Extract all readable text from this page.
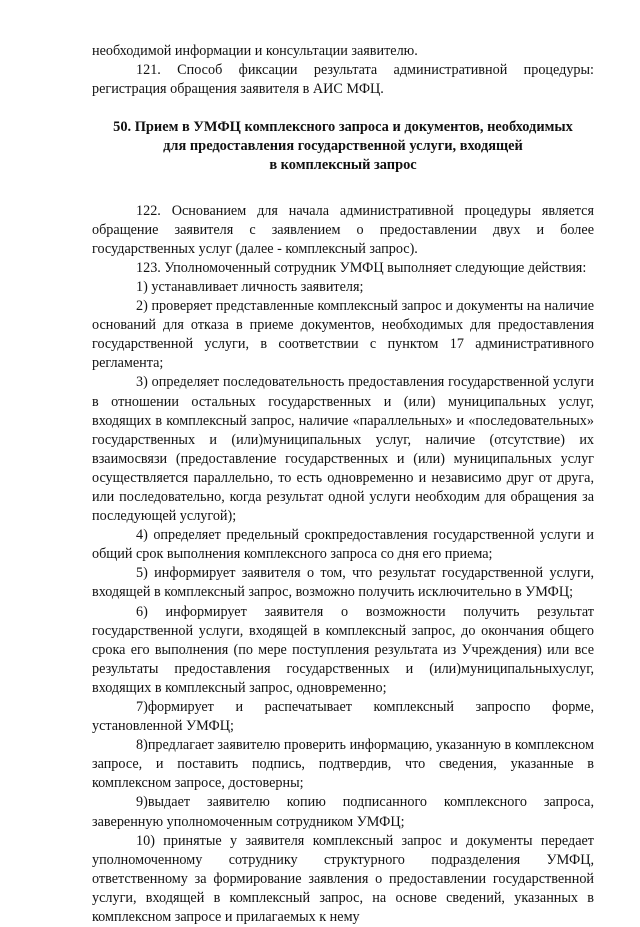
необходимой информации и консультации заявителю.

121. Способ фиксации результата административной процедуры: регистрация обращения заявителя в АИС МФЦ.

50. Прием в УМФЦ комплексного запроса и документов, необходимых
для предоставления государственной услуги, входящей
в комплексный запрос

122. Основанием для начала административной процедуры является обращение заявителя с заявлением о предоставлении двух и более государственных услуг (далее - комплексный запрос).

123. Уполномоченный сотрудник УМФЦ выполняет следующие действия:

1) устанавливает личность заявителя;

2) проверяет представленные комплексный запрос и документы на наличие оснований для отказа в приеме документов, необходимых для предоставления государственной услуги, в соответствии с пунктом 17 административного регламента;

3) определяет последовательность предоставления государственной услуги в отношении остальных государственных и (или) муниципальных услуг, входящих в комплексный запрос, наличие «параллельных» и «последовательных» государственных и (или)муниципальных услуг, наличие (отсутствие) их взаимосвязи (предоставление государственных и (или) муниципальных услуг осуществляется параллельно, то есть одновременно и независимо друг от друга, или последовательно, когда результат одной услуги необходим для обращения за последующей услугой);

4) определяет предельный срокпредоставления государственной услуги и общий срок выполнения комплексного запроса со дня его приема;

5) информирует заявителя о том, что результат государственной услуги, входящей в комплексный запрос, возможно получить исключительно в УМФЦ;

6) информирует заявителя о возможности получить результат государственной услуги, входящей в комплексный запрос, до окончания общего срока его выполнения (по мере поступления результата из Учреждения) или все результаты предоставления государственных и (или)муниципальныхуслуг, входящих в комплексный запрос, одновременно;

7)формирует и распечатывает комплексный запроспо форме, установленной УМФЦ;

8)предлагает заявителю проверить информацию, указанную в комплексном запросе, и поставить подпись, подтвердив, что сведения, указанные в комплексном запросе, достоверны;

9)выдает заявителю копию подписанного комплексного запроса, заверенную уполномоченным сотрудником УМФЦ;

10) принятые у заявителя комплексный запрос и документы передает уполномоченному сотруднику структурного подразделения УМФЦ, ответственному за формирование заявления о предоставлении государственной услуги, входящей в комплексный запрос, на основе сведений, указанных в комплексном запросе и прилагаемых к нему
